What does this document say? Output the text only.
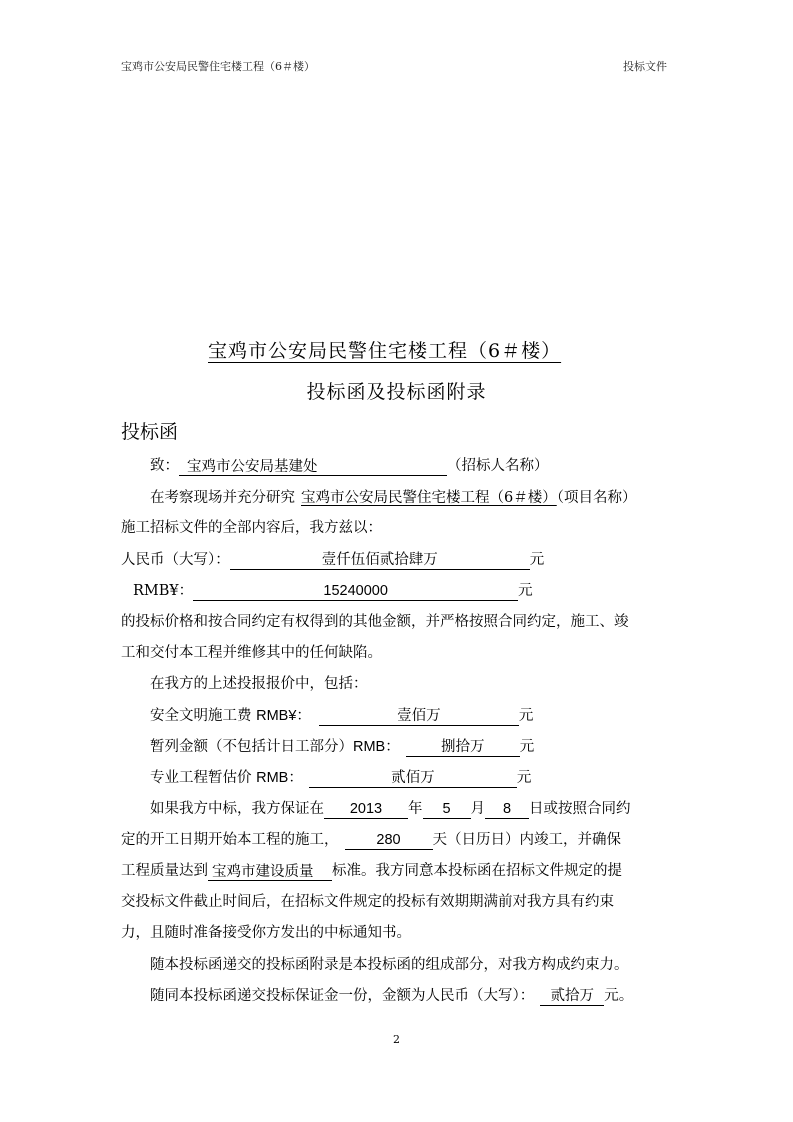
宝鸡市公安局民警住宅楼工程（6＃楼）	投标文件
宝鸡市公安局民警住宅楼工程（6＃楼）
投标函及投标函附录
投标函
致： 宝鸡市公安局基建处	（招标人名称）
在考察现场并充分研究 宝鸡市公安局民警住宅楼工程（6＃楼）（项目名称）
施工招标文件的全部内容后，我方兹以：
人民币（大写）：	壹仟伍佰贰拾肆万	元
RMB¥：	15240000	元
的投标价格和按合同约定有权得到的其他金额，并严格按照合同约定，施工、竣
工和交付本工程并维修其中的任何缺陷。
在我方的上述投报报价中，包括：
安全文明施工费 RMB¥：	壹佰万	元
暂列金额（不包括计日工部分）RMB：	捌拾万 元
专业工程暂估价 RMB：	贰佰万	元
如果我方中标，我方保证在 2013 年 5 月 8 日或按照合同约
定的开工日期开始本工程的施工，	280 天（日历日）内竣工，并确保
工程质量达到 宝鸡市建设质量 标准。我方同意本投标函在招标文件规定的提
交投标文件截止时间后，在招标文件规定的投标有效期期满前对我方具有约束
力，且随时准备接受你方发出的中标通知书。
随本投标函递交的投标函附录是本投标函的组成部分，对我方构成约束力。
随同本投标函递交投标保证金一份，金额为人民币（大写）： 贰拾万 元。
2
